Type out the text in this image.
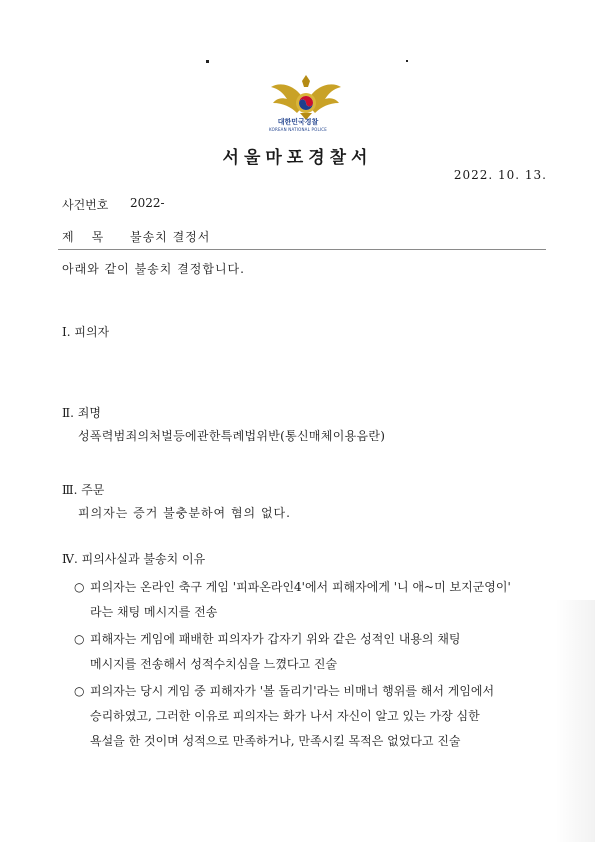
대한민국경찰
KOREAN NATIONAL POLICE
서울마포경찰서
2022. 10. 13.
사건번호 2022-
제목 불송치 결정서
아래와 같이 불송치 결정합니다.
Ⅰ. 피의자
Ⅱ. 죄명
성폭력범죄의처벌등에관한특례법위반(통신매체이용음란)
Ⅲ. 주문
피의자는 증거 불충분하여 혐의 없다.
Ⅳ. 피의사실과 불송치 이유
○ 피의자는 온라인 축구 게임 '피파온라인4'에서 피해자에게 '니 애~미 보지군영이'
라는 채팅 메시지를 전송
○ 피해자는 게임에 패배한 피의자가 갑자기 위와 같은 성적인 내용의 채팅
메시지를 전송해서 성적수치심을 느꼈다고 진술
○ 피의자는 당시 게임 중 피해자가 '볼 돌리기'라는 비매너 행위를 해서 게임에서
승리하였고, 그러한 이유로 피의자는 화가 나서 자신이 알고 있는 가장 심한
욕설을 한 것이며 성적으로 만족하거나, 만족시킬 목적은 없었다고 진술
